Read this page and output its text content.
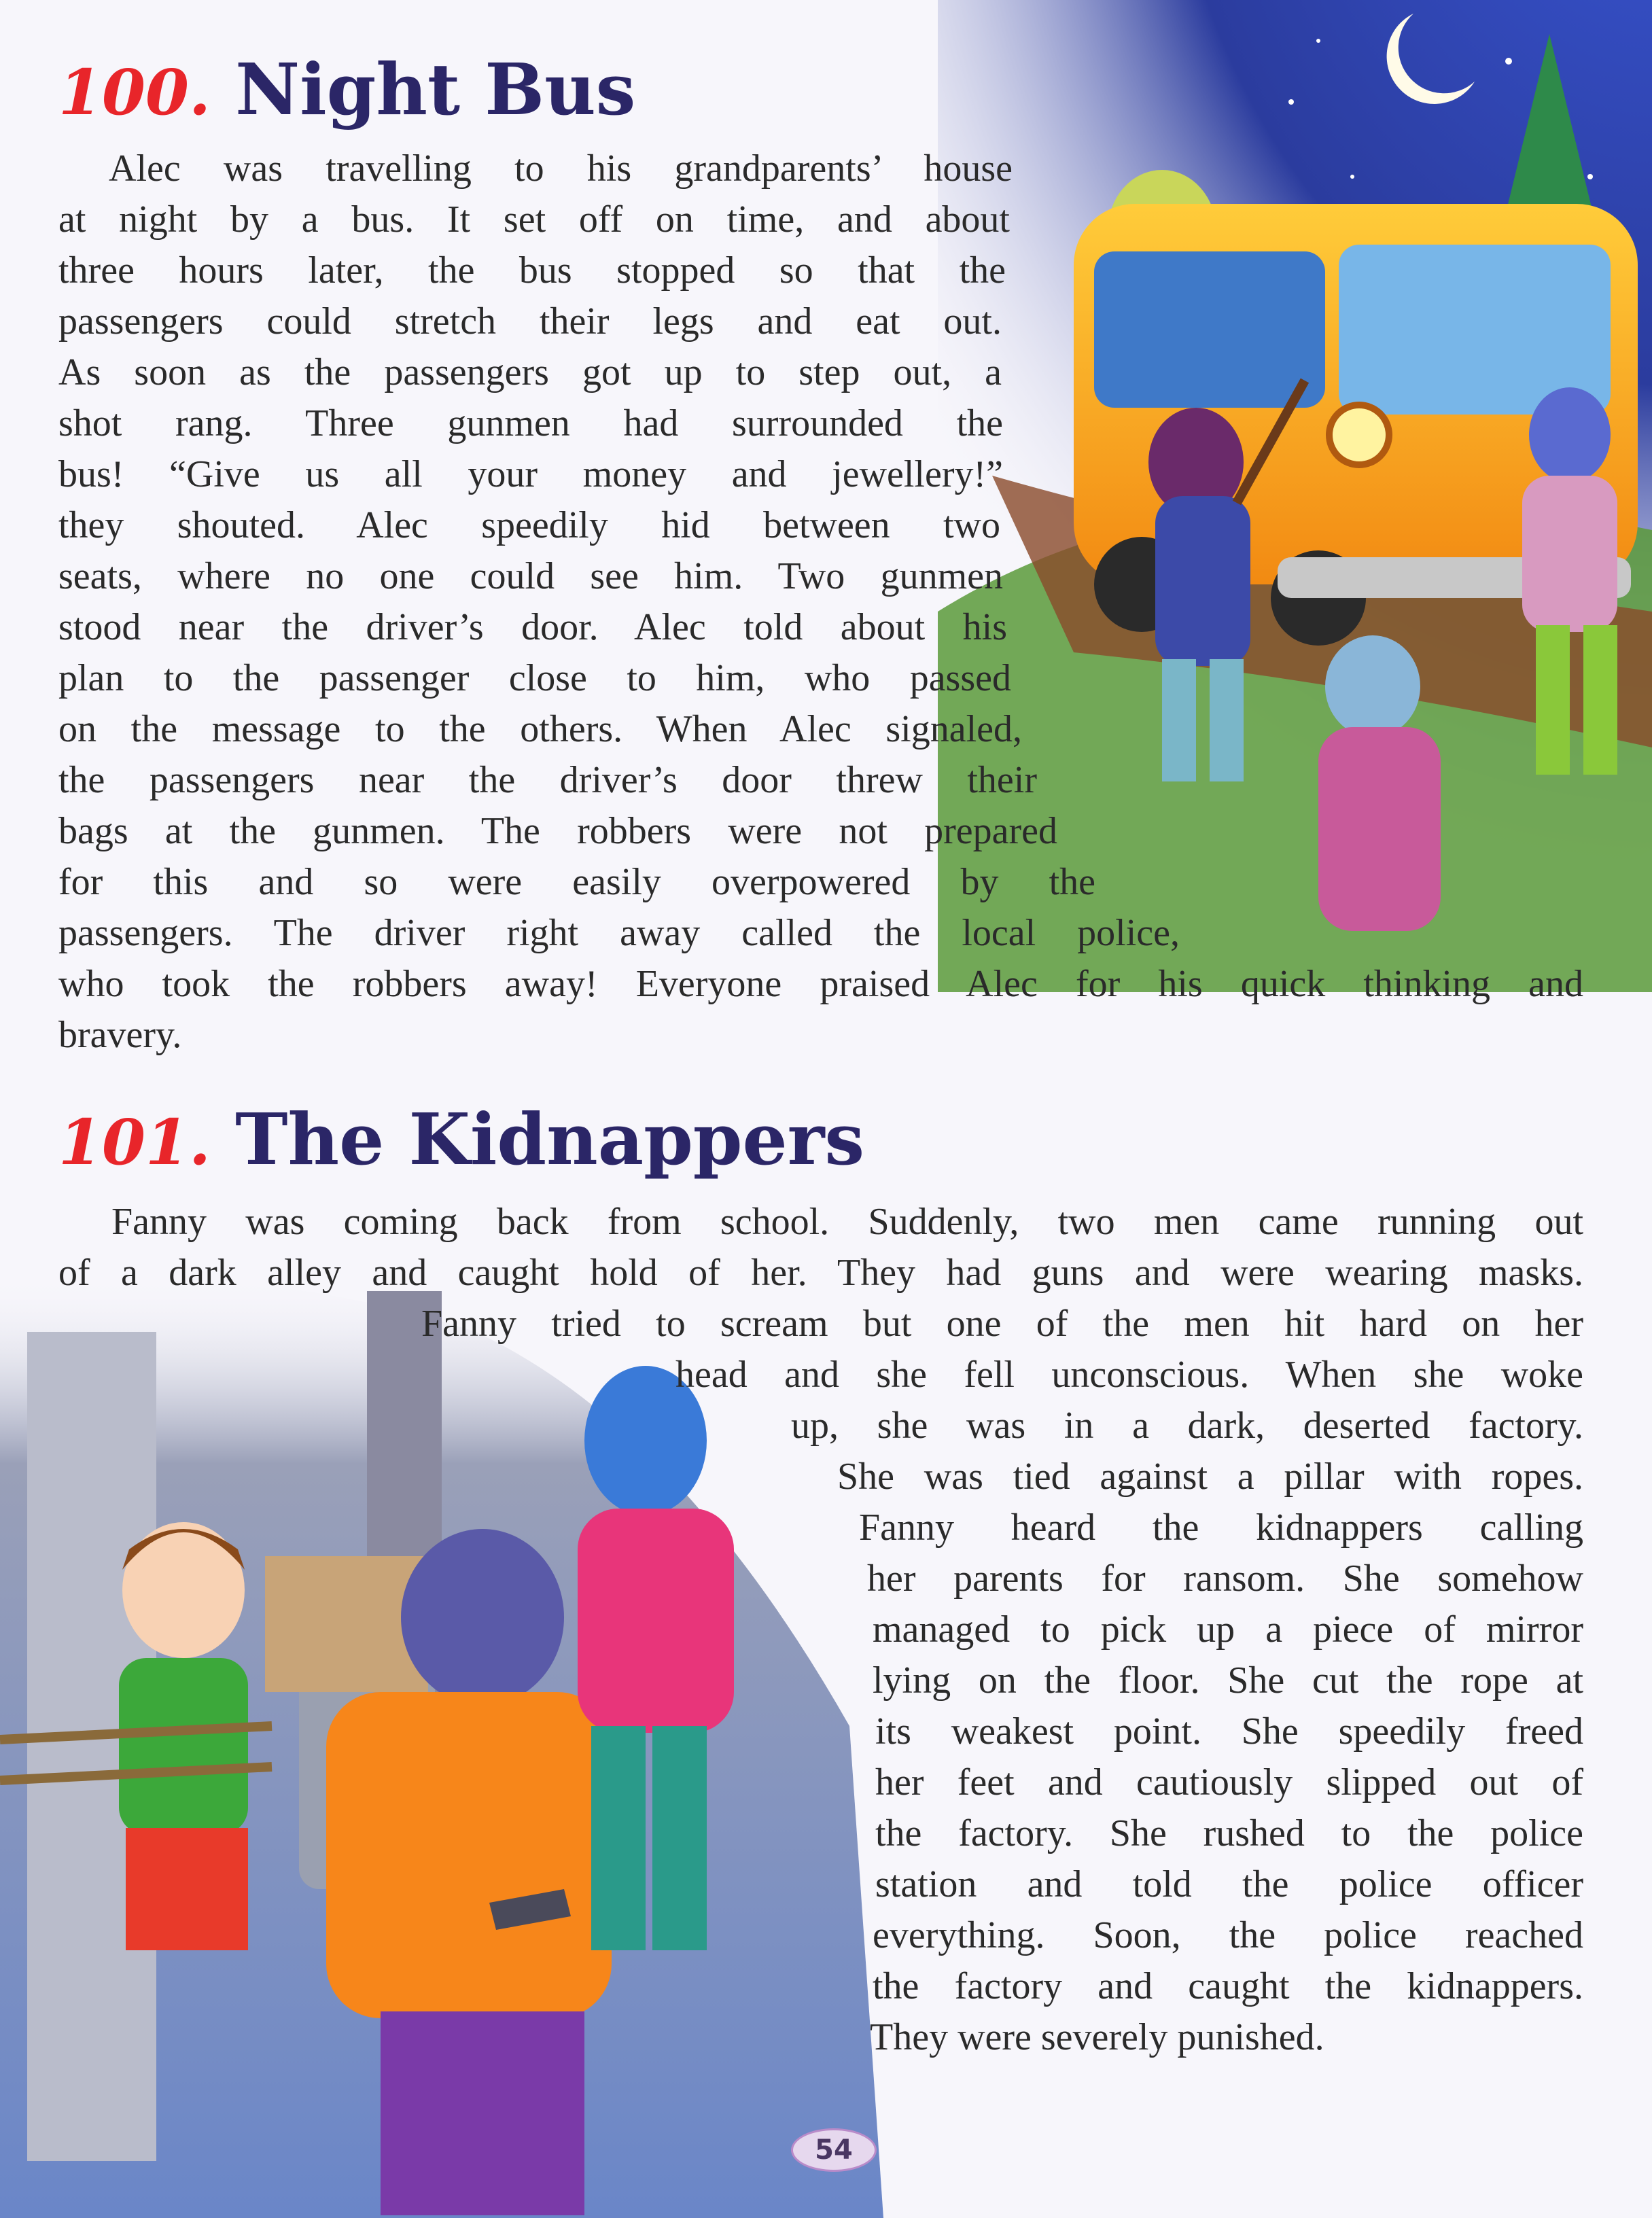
100. Night Bus

Alec was travelling to his grandparents’ house

at night by a bus. It set off on time, and about

three hours later, the bus stopped so that the

passengers could stretch their legs and eat out.

As soon as the passengers got up to step out, a

shot rang. Three gunmen had surrounded the

bus! “Give us all your money and jewellery!”

they shouted. Alec speedily hid between two

seats, where no one could see him. Two gunmen

stood near the driver’s door. Alec told about his

plan to the passenger close to him, who passed

on the message to the others. When Alec signaled,

the passengers near the driver’s door threw their

bags at the gunmen. The robbers were not prepared

for this and so were easily overpowered by the

passengers. The driver right away called the local police,

who took the robbers away! Everyone praised Alec for his quick thinking and

bravery.

101. The Kidnappers

Fanny was coming back from school. Suddenly, two men came running out

of a dark alley and caught hold of her. They had guns and were wearing masks.

Fanny tried to scream but one of the men hit hard on her

head and she fell unconscious. When she woke

up, she was in a dark, deserted factory.

She was tied against a pillar with ropes.

Fanny heard the kidnappers calling

her parents for ransom. She somehow

managed to pick up a piece of mirror

lying on the floor. She cut the rope at

its weakest point. She speedily freed

her feet and cautiously slipped out of

the factory. She rushed to the police

station and told the police officer

everything. Soon, the police reached

the factory and caught the kidnappers.

They were severely punished.

54
